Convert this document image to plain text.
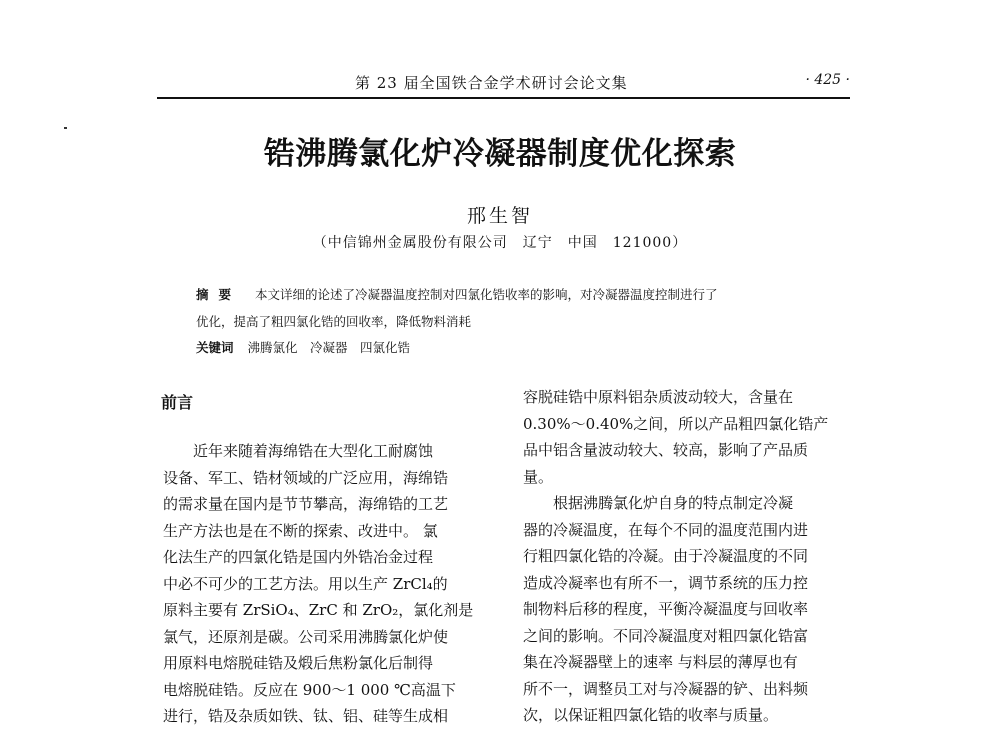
第 23 届全国铁合金学术研讨会论文集	· 425 ·
锆沸腾氯化炉冷凝器制度优化探索
邢生智
（中信锦州金属股份有限公司　辽宁　中国　121000）
摘要 本文详细的论述了冷凝器温度控制对四氯化锆收率的影响，对冷凝器温度控制进行了
优化，提高了粗四氯化锆的回收率，降低物料消耗
关键词 沸腾氯化　冷凝器　四氯化锆
前言
近年来随着海绵锆在大型化工耐腐蚀
设备、军工、锆材领域的广泛应用，海绵锆
的需求量在国内是节节攀高，海绵锆的工艺
生产方法也是在不断的探索、改进中。 氯
化法生产的四氯化锆是国内外锆冶金过程
中必不可少的工艺方法。用以生产 ZrCl₄的
原料主要有 ZrSiO₄、ZrC 和 ZrO₂，氯化剂是
氯气，还原剂是碳。公司采用沸腾氯化炉使
用原料电熔脱硅锆及煅后焦粉氯化后制得
电熔脱硅锆。反应在 900～1 000 ℃高温下
进行，锆及杂质如铁、钛、铝、硅等生成相
容脱硅锆中原料铝杂质波动较大，含量在
0.30%～0.40%之间，所以产品粗四氯化锆产
品中铝含量波动较大、较高，影响了产品质
量。
根据沸腾氯化炉自身的特点制定冷凝
器的冷凝温度，在每个不同的温度范围内进
行粗四氯化锆的冷凝。由于冷凝温度的不同
造成冷凝率也有所不一，调节系统的压力控
制物料后移的程度，平衡冷凝温度与回收率
之间的影响。不同冷凝温度对粗四氯化锆富
集在冷凝器壁上的速率 与料层的薄厚也有
所不一，调整员工对与冷凝器的铲、出料频
次，以保证粗四氯化锆的收率与质量。
